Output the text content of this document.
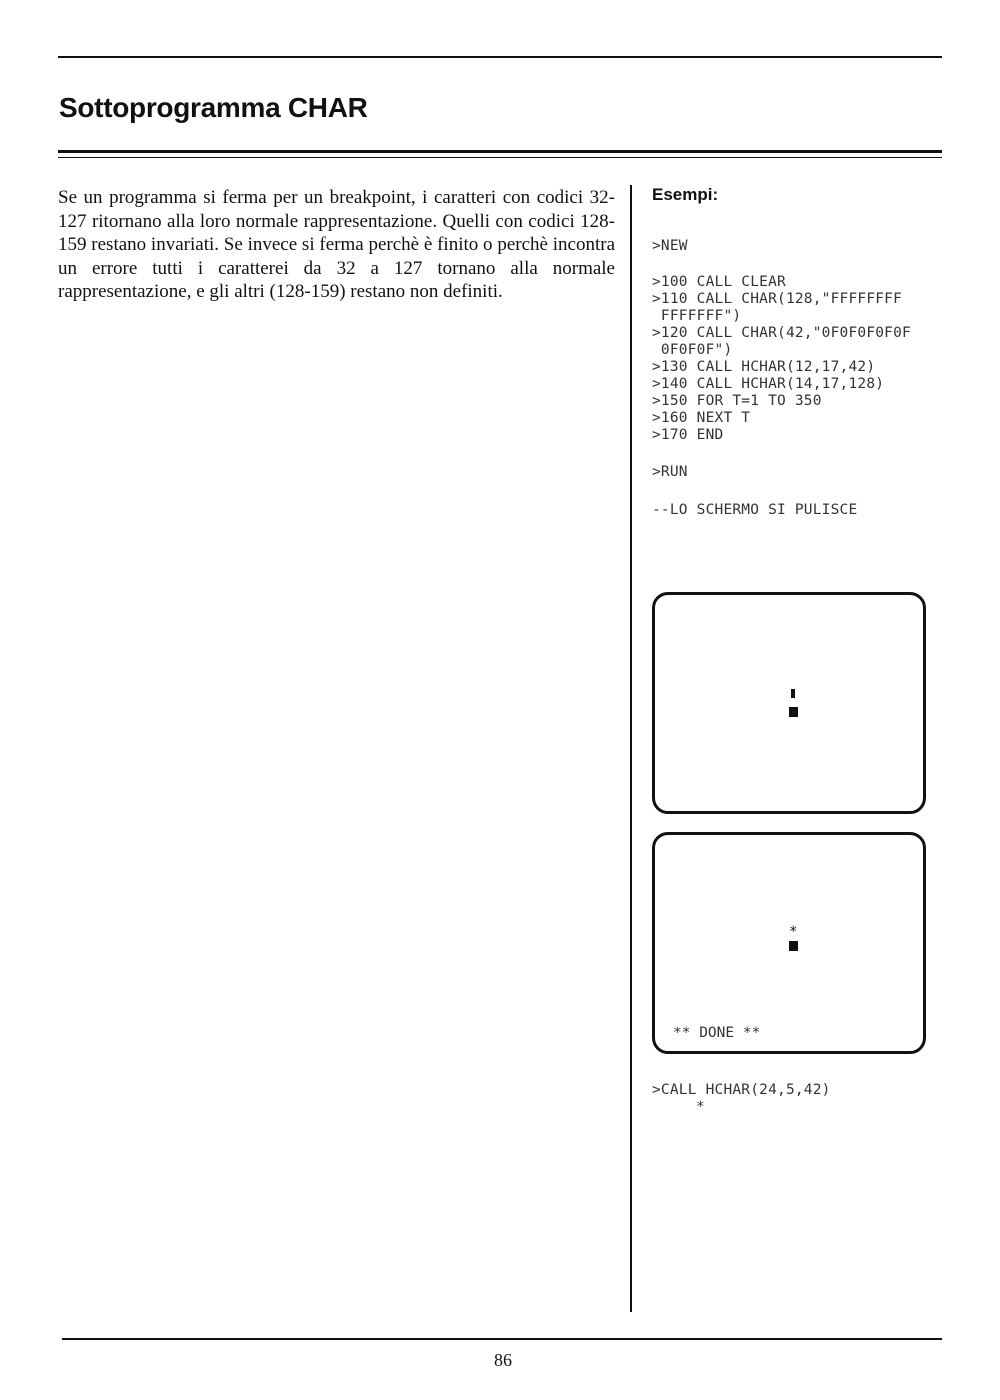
Sottoprogramma CHAR

Se un programma si ferma per un breakpoint, i caratteri con codici 32-127 ritornano alla loro normale rappresentazione. Quelli con codici 128-159 restano invariati. Se invece si ferma perchè è finito o perchè incontra un errore tutti i caratterei da 32 a 127 tornano alla normale rappresentazione, e gli altri (128-159) restano non definiti.

Esempi:

>NEW

>100 CALL CLEAR

>110 CALL CHAR(128,"FFFFFFFF

FFFFFFF")

>120 CALL CHAR(42,"0F0F0F0F0F

0F0F0F")

>130 CALL HCHAR(12,17,42)

>140 CALL HCHAR(14,17,128)

>150 FOR T=1 TO 350

>160 NEXT T

>170 END

>RUN

--LO SCHERMO SI PULISCE

*
** DONE **

>CALL HCHAR(24,5,42)

*

86
